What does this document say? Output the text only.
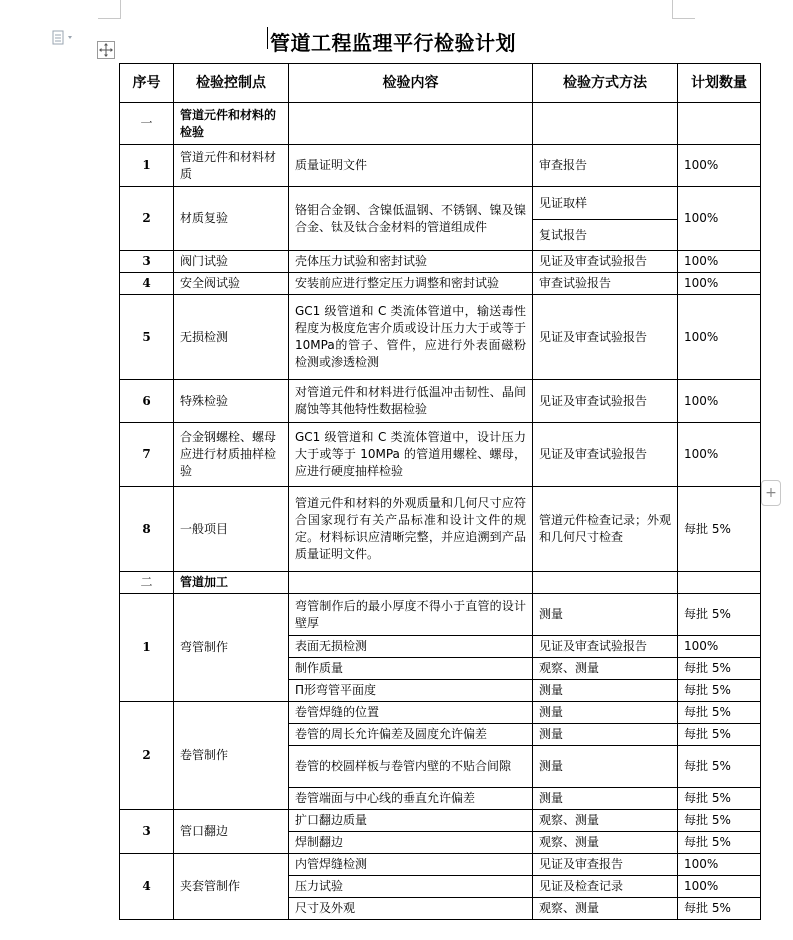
管道工程监理平行检验计划
+
序号	检验控制点	检验内容	检验方式方法	计划数量
一	管道元件和材料的检验			
1	管道元件和材料材质	质量证明文件	审查报告	100%
2	材质复验	铬钼合金钢、含镍低温钢、不锈钢、镍及镍合金、钛及钛合金材料的管道组成件	见证取样	100%
			复试报告	
3	阀门试验	壳体压力试验和密封试验	见证及审查试验报告	100%
4	安全阀试验	安装前应进行整定压力调整和密封试验	审查试验报告	100%
5	无损检测	GC1 级管道和 C 类流体管道中，输送毒性程度为极度危害介质或设计压力大于或等于 10MPa的管子、管件，应进行外表面磁粉检测或渗透检测	见证及审查试验报告	100%
6	特殊检验	对管道元件和材料进行低温冲击韧性、晶间腐蚀等其他特性数据检验	见证及审查试验报告	100%
7	合金钢螺栓、螺母应进行材质抽样检验	GC1 级管道和 C 类流体管道中，设计压力大于或等于 10MPa 的管道用螺栓、螺母，应进行硬度抽样检验	见证及审查试验报告	100%
8	一般项目	管道元件和材料的外观质量和几何尺寸应符合国家现行有关产品标准和设计文件的规定。材料标识应清晰完整，并应追溯到产品质量证明文件。	管道元件检查记录；外观和几何尺寸检查	每批 5%
二	管道加工			
1	弯管制作	弯管制作后的最小厚度不得小于直管的设计壁厚	测量	每批 5%
		表面无损检测	见证及审查试验报告	100%
		制作质量	观察、测量	每批 5%
		Π形弯管平面度	测量	每批 5%
2	卷管制作	卷管焊缝的位置	测量	每批 5%
		卷管的周长允许偏差及圆度允许偏差	测量	每批 5%
		卷管的校圆样板与卷管内壁的不贴合间隙	测量	每批 5%
		卷管端面与中心线的垂直允许偏差	测量	每批 5%
3	管口翻边	扩口翻边质量	观察、测量	每批 5%
		焊制翻边	观察、测量	每批 5%
4	夹套管制作	内管焊缝检测	见证及审查报告	100%
		压力试验	见证及检查记录	100%
		尺寸及外观	观察、测量	每批 5%
